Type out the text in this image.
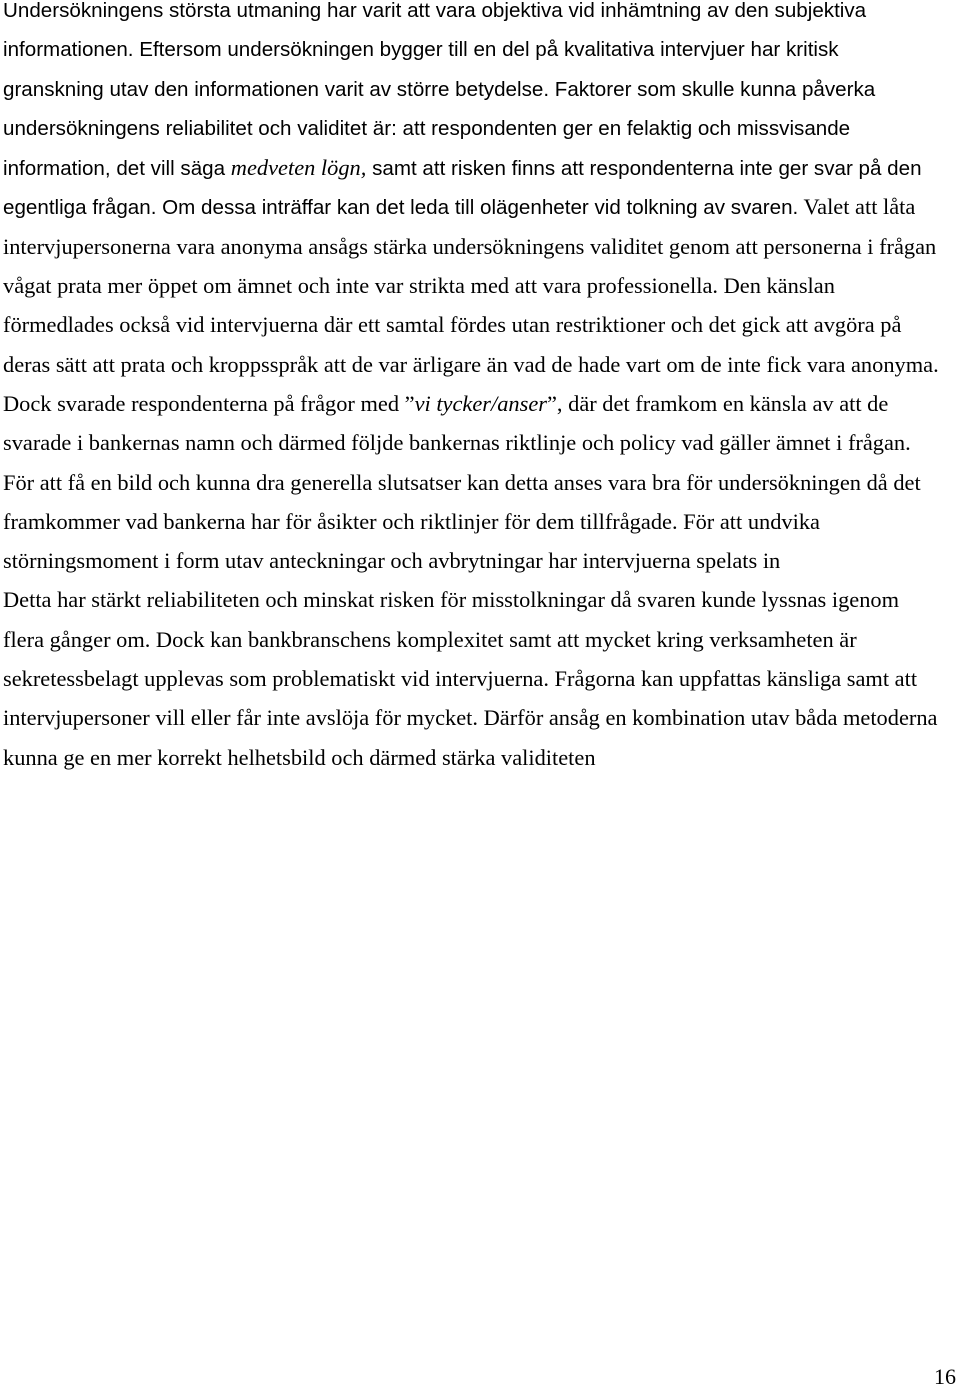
Undersökningens största utmaning har varit att vara objektiva vid inhämtning av den subjektiva
informationen. Eftersom undersökningen bygger till en del på kvalitativa intervjuer har kritisk
granskning utav den informationen varit av större betydelse. Faktorer som skulle kunna påverka
undersökningens reliabilitet och validitet är: att respondenten ger en felaktig och missvisande
information, det vill säga medveten lögn, samt att risken finns att respondenterna inte ger svar på den
egentliga frågan. Om dessa inträffar kan det leda till olägenheter vid tolkning av svaren. Valet att låta
intervjupersonerna vara anonyma ansågs stärka undersökningens validitet genom att personerna i frågan
vågat prata mer öppet om ämnet och inte var strikta med att vara professionella. Den känslan
förmedlades också vid intervjuerna där ett samtal fördes utan restriktioner och det gick att avgöra på
deras sätt att prata och kroppsspråk att de var ärligare än vad de hade vart om de inte fick vara anonyma.
Dock svarade respondenterna på frågor med ”vi tycker/anser”, där det framkom en känsla av att de
svarade i bankernas namn och därmed följde bankernas riktlinje och policy vad gäller ämnet i frågan.
För att få en bild och kunna dra generella slutsatser kan detta anses vara bra för undersökningen då det
framkommer vad bankerna har för åsikter och riktlinjer för dem tillfrågade. För att undvika
störningsmoment i form utav anteckningar och avbrytningar har intervjuerna spelats in
Detta har stärkt reliabiliteten och minskat risken för misstolkningar då svaren kunde lyssnas igenom
flera gånger om. Dock kan bankbranschens komplexitet samt att mycket kring verksamheten är
sekretessbelagt upplevas som problematiskt vid intervjuerna. Frågorna kan uppfattas känsliga samt att
intervjupersoner vill eller får inte avslöja för mycket. Därför ansåg en kombination utav båda metoderna
kunna ge en mer korrekt helhetsbild och därmed stärka validiteten
16
